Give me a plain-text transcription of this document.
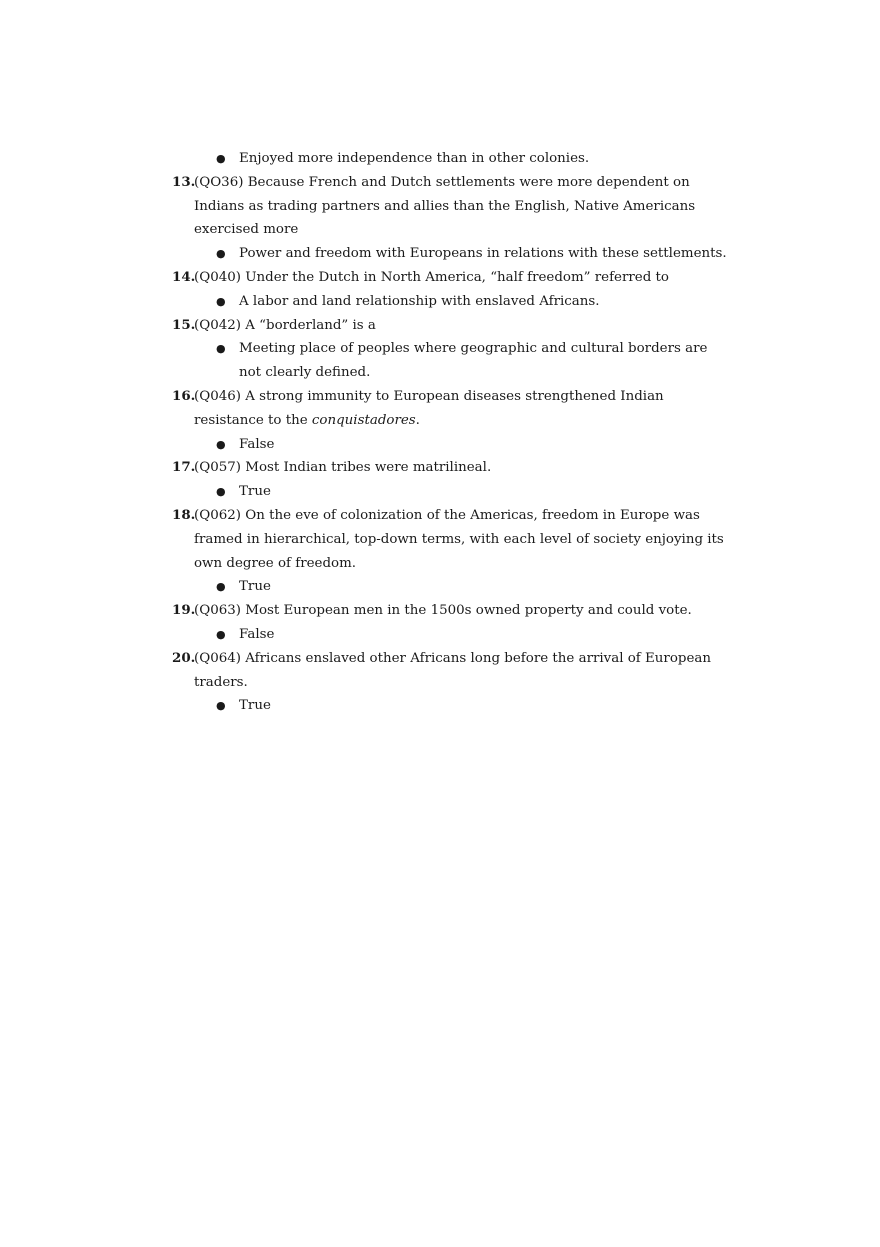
● Enjoyed more independence than in other colonies.
13.
(QO36) Because French and Dutch settlements were more dependent on Indians as trading partners and allies than the English, Native Americans exercised more
● Power and freedom with Europeans in relations with these settlements.
14.
(Q040) Under the Dutch in North America, “half freedom” referred to
● A labor and land relationship with enslaved Africans.
15.
(Q042) A “borderland” is a
● Meeting place of peoples where geographic and cultural borders are not clearly defined.
16.
(Q046) A strong immunity to European diseases strengthened Indian resistance to the conquistadores.
● False
17.
(Q057) Most Indian tribes were matrilineal.
● True
18.
(Q062) On the eve of colonization of the Americas, freedom in Europe was framed in hierarchical, top-down terms, with each level of society enjoying its own degree of freedom.
● True
19.
(Q063) Most European men in the 1500s owned property and could vote.
● False
20.
(Q064) Africans enslaved other Africans long before the arrival of European traders.
● True
